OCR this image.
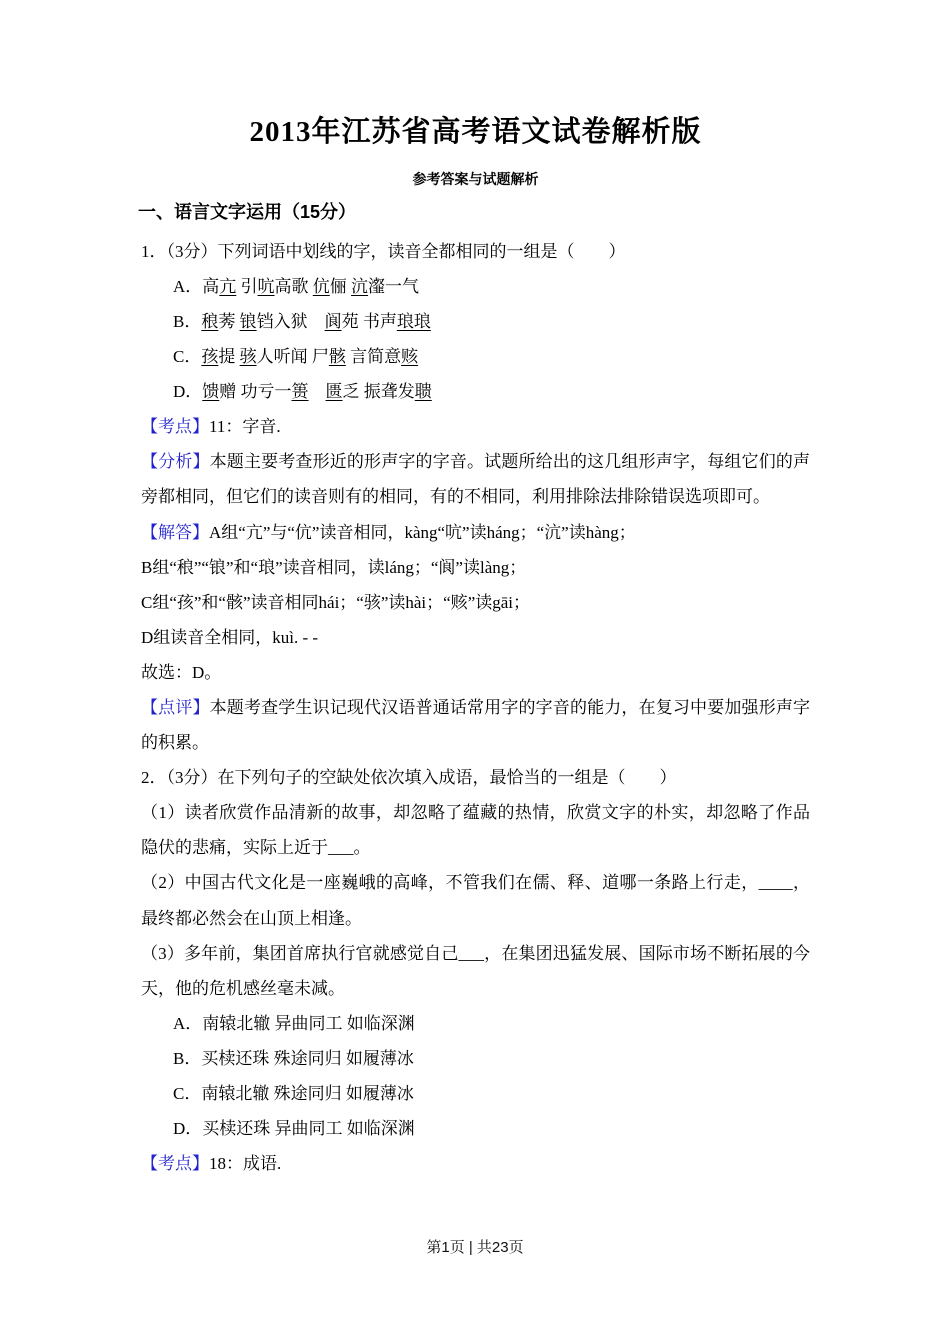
2013年江苏省高考语文试卷解析版
参考答案与试题解析
一、语言文字运用（15分）

1．（3分）下列词语中划线的字，读音全都相同的一组是（　　）

A．高亢 引吭高歌 伉俪 沆瀣一气

B．稂莠 锒铛入狱　阆苑 书声琅琅

C．孩提 骇人听闻 尸骸 言简意赅

D．馈赠 功亏一篑　 匮乏 振聋发聩

【考点】11：字音.

【分析】本题主要考查形近的形声字的字音。试题所给出的这几组形声字，每组它们的声旁都相同，但它们的读音则有的相同，有的不相同，利用排除法排除错误选项即可。

【解答】A组“亢”与“伉”读音相同，kàng“吭”读háng；“沆”读hàng；

B组“稂”“锒”和“琅”读音相同，读láng；“阆”读làng；

C组“孩”和“骸”读音相同hái；“骇”读hài；“赅”读gāi；

D组读音全相同，kuì. - -

故选：D。

【点评】本题考查学生识记现代汉语普通话常用字的字音的能力，在复习中要加强形声字的积累。

2．（3分）在下列句子的空缺处依次填入成语，最恰当的一组是（　　）

（1）读者欣赏作品清新的故事，却忽略了蕴藏的热情，欣赏文字的朴实，却忽略了作品隐伏的悲痛，实际上近于___。

（2）中国古代文化是一座巍峨的高峰，不管我们在儒、释、道哪一条路上行走，____，最终都必然会在山顶上相逢。

（3）多年前，集团首席执行官就感觉自己___，在集团迅猛发展、国际市场不断拓展的今天，他的危机感丝毫未减。

A．南辕北辙 异曲同工 如临深渊

B．买椟还珠 殊途同归 如履薄冰

C．南辕北辙 殊途同归 如履薄冰

D．买椟还珠 异曲同工 如临深渊

【考点】18：成语.

第1页 | 共23页
